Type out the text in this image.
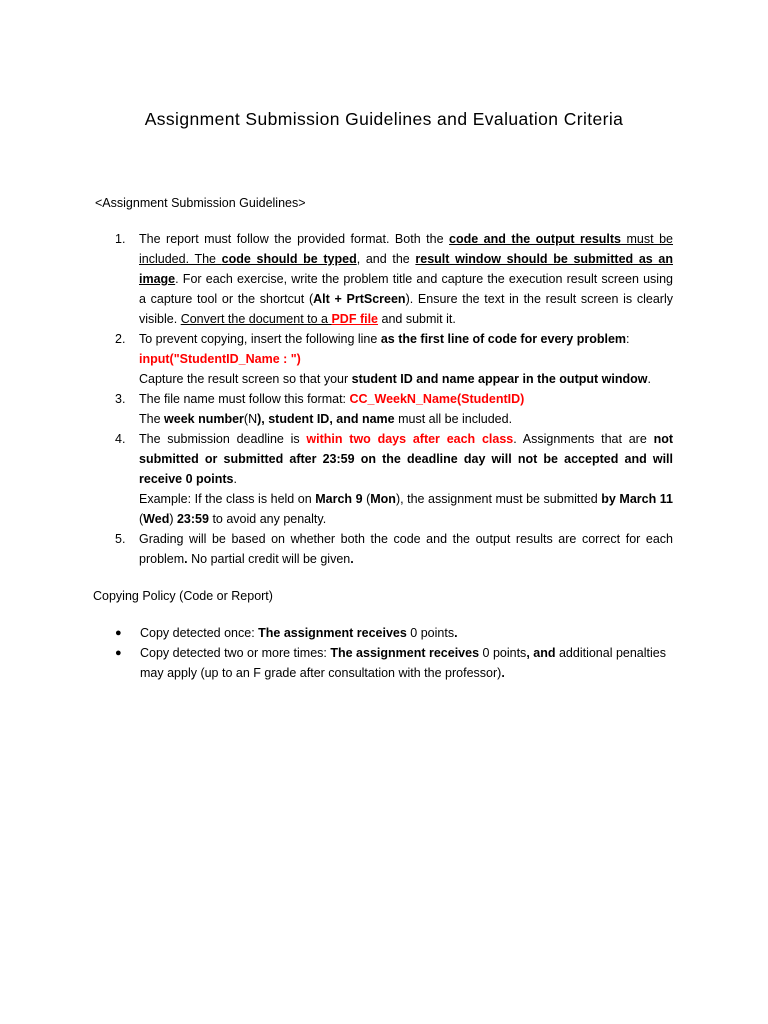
Assignment Submission Guidelines and Evaluation Criteria
<Assignment Submission Guidelines>
1. The report must follow the provided format. Both the code and the output results must be included. The code should be typed, and the result window should be submitted as an image. For each exercise, write the problem title and capture the execution result screen using a capture tool or the shortcut (Alt + PrtScreen). Ensure the text in the result screen is clearly visible. Convert the document to a PDF file and submit it.
2. To prevent copying, insert the following line as the first line of code for every problem:
input("StudentID_Name : ")
Capture the result screen so that your student ID and name appear in the output window.
3. The file name must follow this format: CC_WeekN_Name(StudentID)
The week number(N), student ID, and name must all be included.
4. The submission deadline is within two days after each class. Assignments that are not submitted or submitted after 23:59 on the deadline day will not be accepted and will receive 0 points.
Example: If the class is held on March 9 (Mon), the assignment must be submitted by March 11 (Wed) 23:59 to avoid any penalty.
5. Grading will be based on whether both the code and the output results are correct for each problem. No partial credit will be given.
Copying Policy (Code or Report)
● Copy detected once: The assignment receives 0 points.
● Copy detected two or more times: The assignment receives 0 points, and additional penalties may apply (up to an F grade after consultation with the professor).
